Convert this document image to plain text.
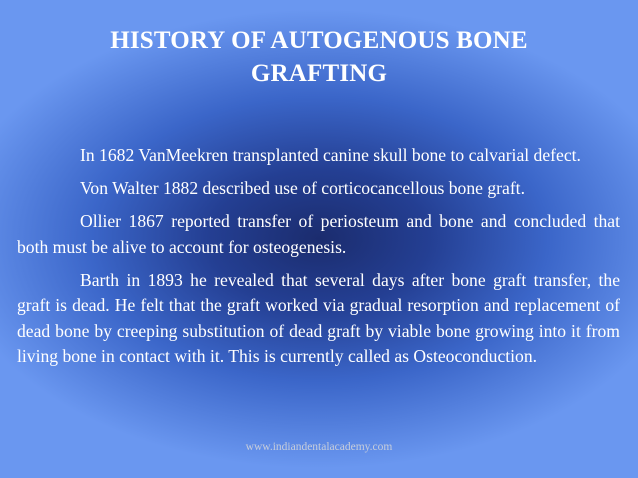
HISTORY OF AUTOGENOUS BONE GRAFTING

In 1682 VanMeekren transplanted canine skull bone to calvarial defect.

Von Walter 1882 described use of corticocancellous bone graft.

Ollier 1867 reported transfer of periosteum and bone and concluded that both must be alive to account for osteogenesis.

Barth in 1893 he revealed that several days after bone graft transfer, the graft is dead. He felt that the graft worked via gradual resorption and replacement of dead bone by creeping substitution of dead graft by viable bone growing into it from living bone in contact with it. This is currently called as Osteoconduction.

www.indiandentalacademy.com
